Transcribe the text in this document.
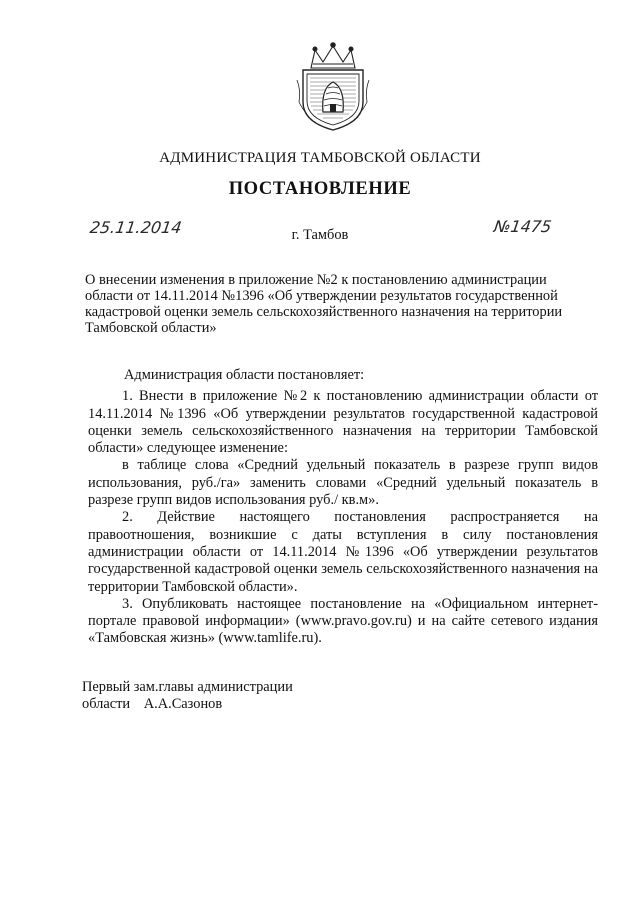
АДМИНИСТРАЦИЯ ТАМБОВСКОЙ ОБЛАСТИ
ПОСТАНОВЛЕНИЕ
25.11.2014	г. Тамбов	№1475
О внесении изменения в приложение №2 к постановлению администрации области от 14.11.2014 №1396 «Об утверждении результатов государственной кадастровой оценки земель сельскохозяйственного назначения на территории Тамбовской области»

Администрация области постановляет:

1. Внести в приложение №2 к постановлению администрации области от 14.11.2014 №1396 «Об утверждении результатов государственной кадастровой оценки земель сельскохозяйственного назначения на территории Тамбовской области» следующее изменение:

в таблице слова «Средний удельный показатель в разрезе групп видов использования, руб./га» заменить словами «Средний удельный показатель в разрезе групп видов использования руб./ кв.м».

2. Действие настоящего постановления распространяется на правоотношения, возникшие с даты вступления в силу постановления администрации области от 14.11.2014 №1396 «Об утверждении результатов государственной кадастровой оценки земель сельскохозяйственного назначения на территории Тамбовской области».

3. Опубликовать настоящее постановление на «Официальном интернет-портале правовой информации» (www.pravo.gov.ru) и на сайте сетевого издания «Тамбовская жизнь» (www.tamlife.ru).

Первый зам.главы администрации
области А.А.Сазонов
